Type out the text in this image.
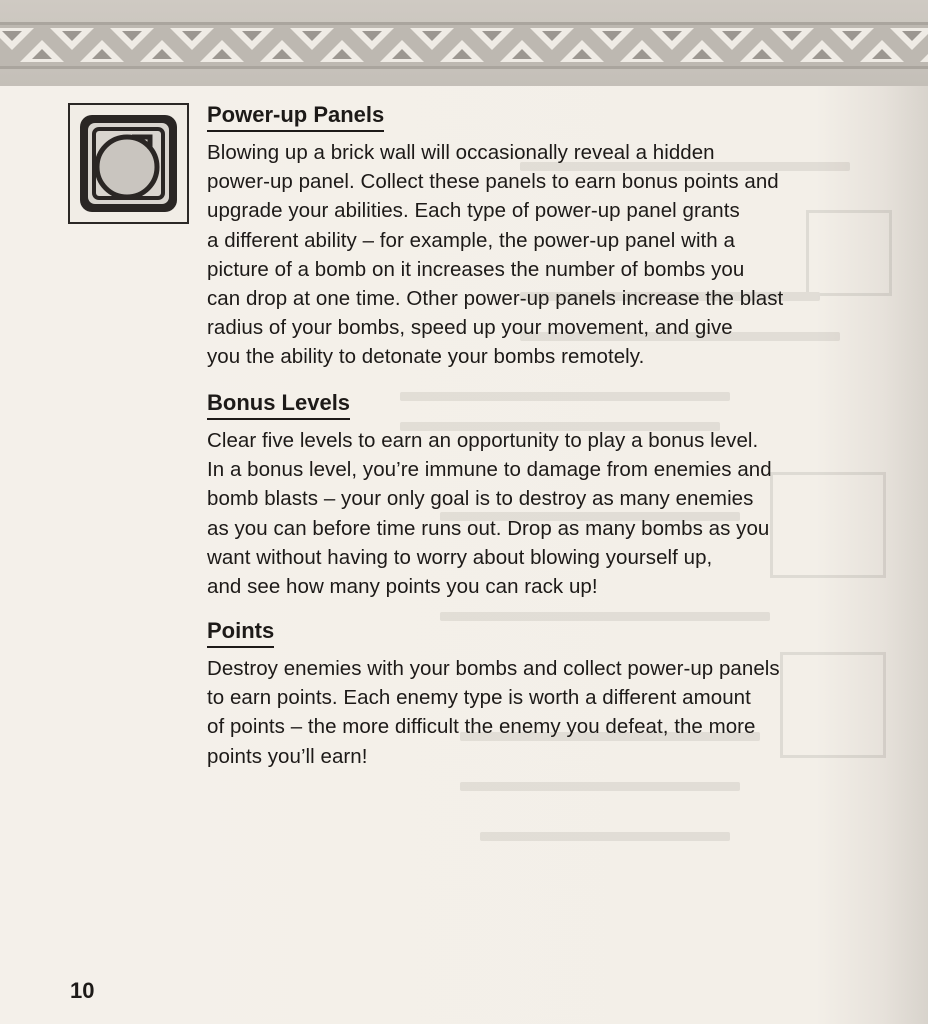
Power-up Panels

Blowing up a brick wall will occasionally reveal a hidden
power-up panel. Collect these panels to earn bonus points and
upgrade your abilities. Each type of power-up panel grants
a different ability – for example, the power-up panel with a
picture of a bomb on it increases the number of bombs you
can drop at one time. Other power-up panels increase the blast
radius of your bombs, speed up your movement, and give
you the ability to detonate your bombs remotely.

Bonus Levels

Clear five levels to earn an opportunity to play a bonus level.
In a bonus level, you’re immune to damage from enemies and
bomb blasts – your only goal is to destroy as many enemies
as you can before time runs out. Drop as many bombs as you
want without having to worry about blowing yourself up,
and see how many points you can rack up!

Points

Destroy enemies with your bombs and collect power-up panels
to earn points. Each enemy type is worth a different amount
of points – the more difficult the enemy you defeat, the more
points you’ll earn!

10
